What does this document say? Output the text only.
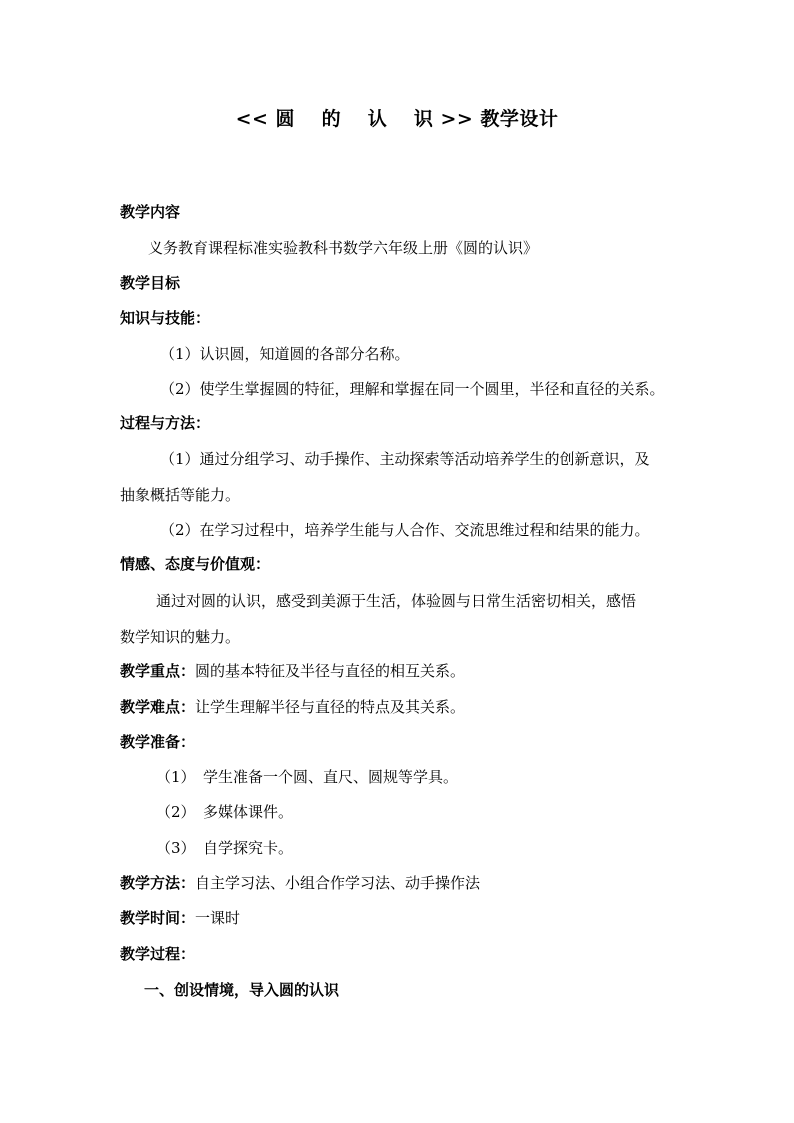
<< 圆　 的　 认　 识 >> 教学设计
教学内容
义务教育课程标准实验教科书数学六年级上册《圆的认识》
教学目标
知识与技能：
（1）认识圆，知道圆的各部分名称。
（2）使学生掌握圆的特征，理解和掌握在同一个圆里，半径和直径的关系。
过程与方法：
（1）通过分组学习、动手操作、主动探索等活动培养学生的创新意识，及
抽象概括等能力。
（2）在学习过程中，培养学生能与人合作、交流思维过程和结果的能力。
情感、态度与价值观：
通过对圆的认识，感受到美源于生活，体验圆与日常生活密切相关，感悟
数学知识的魅力。
教学重点：圆的基本特征及半径与直径的相互关系。
教学难点：让学生理解半径与直径的特点及其关系。
教学准备：
（1）　学生准备一个圆、直尺、圆规等学具。
（2）　多媒体课件。
（3）　自学探究卡。
教学方法：自主学习法、小组合作学习法、动手操作法
教学时间：一课时
教学过程：
一、创设情境，导入圆的认识
